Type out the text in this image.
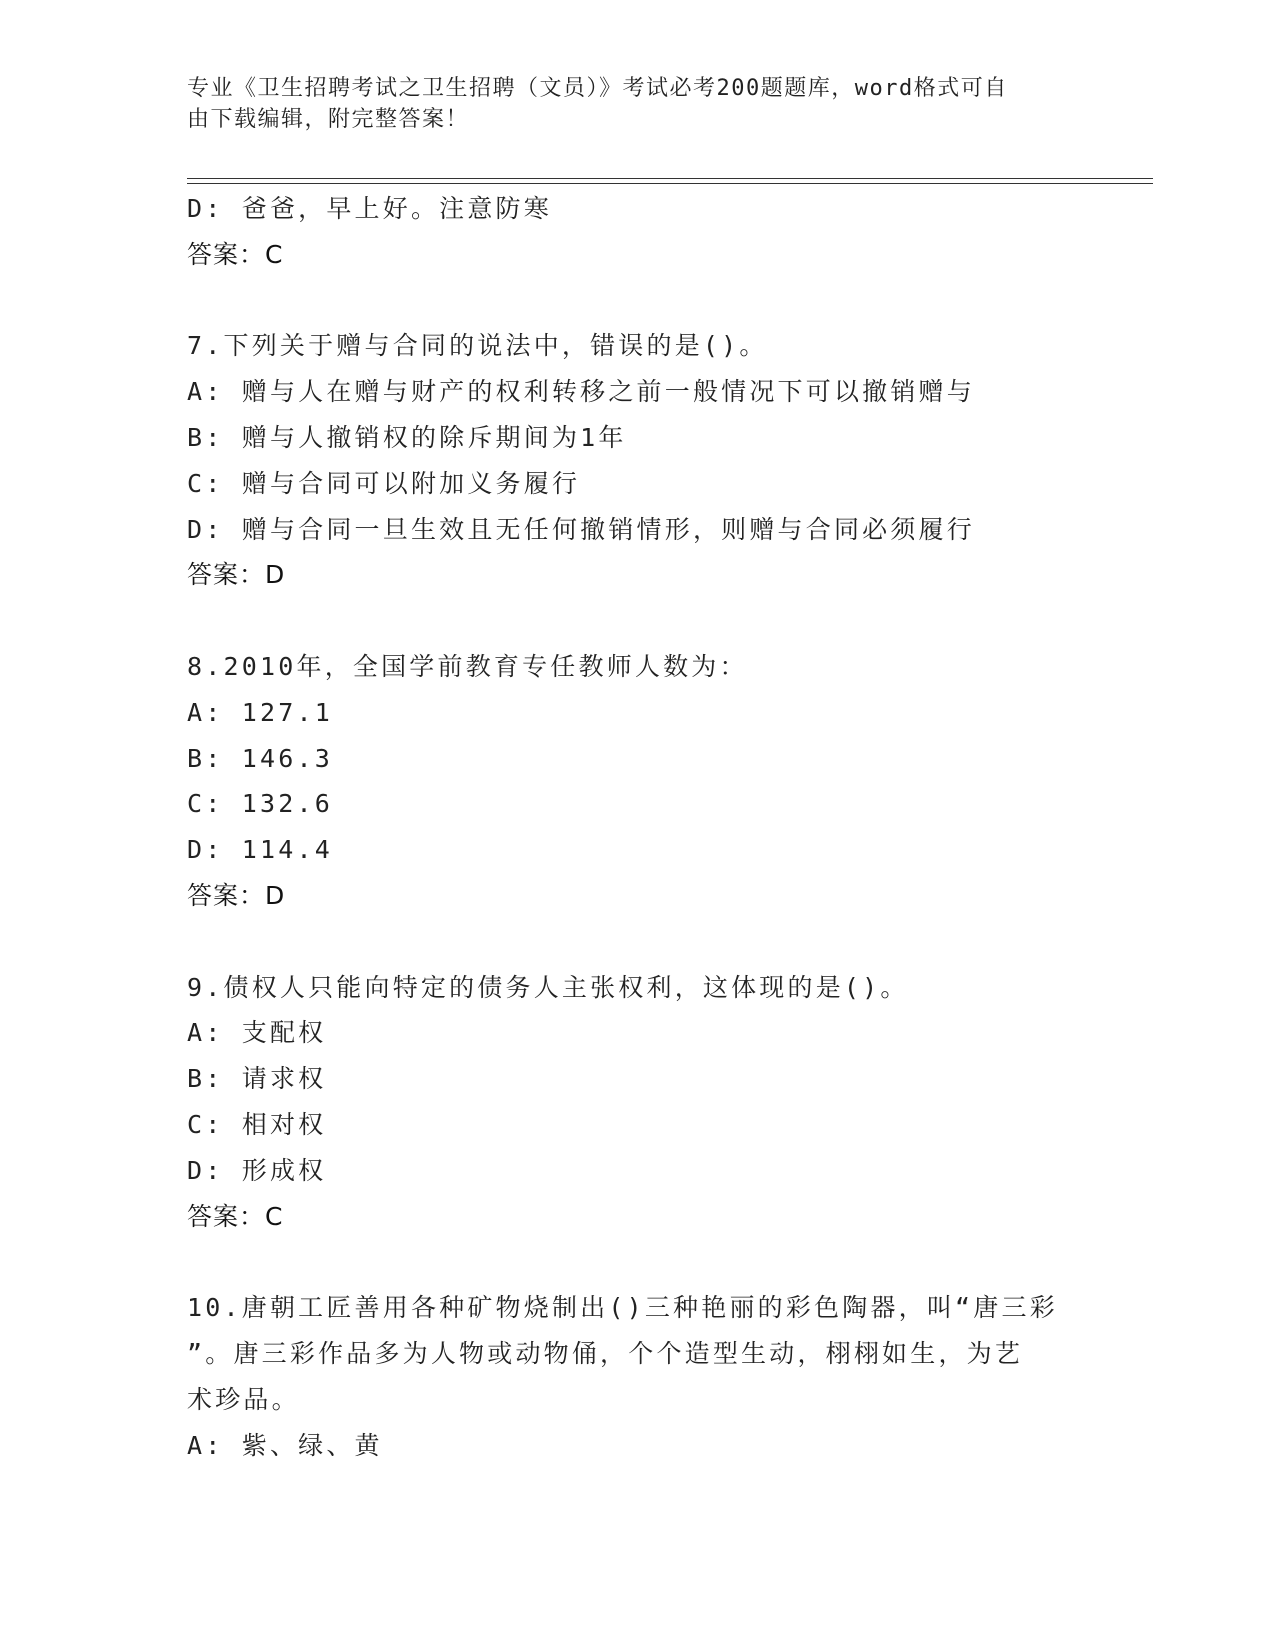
专业《卫生招聘考试之卫生招聘（文员）》考试必考200题题库，word格式可自
由下载编辑，附完整答案！
D: 爸爸，早上好。注意防寒
答案：C
7.下列关于赠与合同的说法中，错误的是()。
A: 赠与人在赠与财产的权利转移之前一般情况下可以撤销赠与
B: 赠与人撤销权的除斥期间为1年
C: 赠与合同可以附加义务履行
D: 赠与合同一旦生效且无任何撤销情形，则赠与合同必须履行
答案：D
8.2010年，全国学前教育专任教师人数为：
A: 127.1
B: 146.3
C: 132.6
D: 114.4
答案：D
9.债权人只能向特定的债务人主张权利，这体现的是()。
A: 支配权
B: 请求权
C: 相对权
D: 形成权
答案：C
10.唐朝工匠善用各种矿物烧制出()三种艳丽的彩色陶器，叫“唐三彩
”。唐三彩作品多为人物或动物俑，个个造型生动，栩栩如生，为艺
术珍品。
A: 紫、绿、黄
